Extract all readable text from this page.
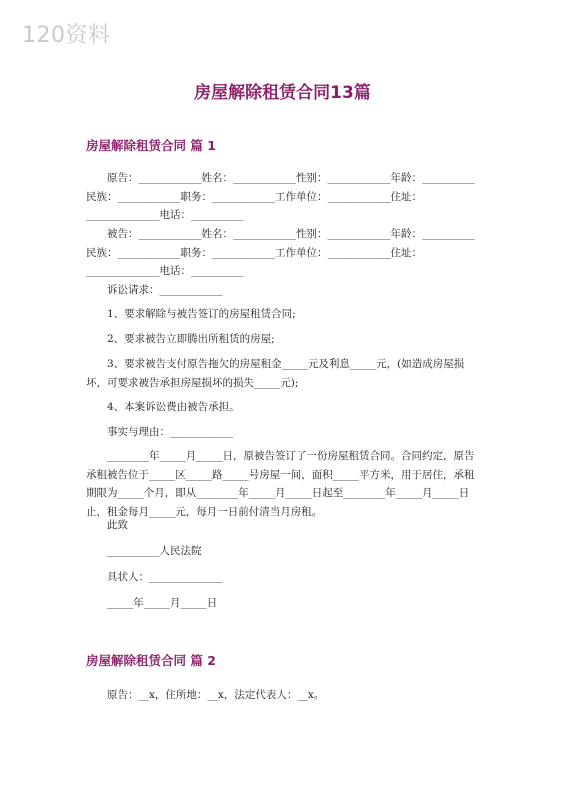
120资料
房屋解除租赁合同13篇
房屋解除租赁合同 篇 1
　　原告：____________姓名：____________性别：____________年龄：__________民族：____________职务：____________工作单位：____________住址：______________电话：__________
　　被告：____________姓名：____________性别：____________年龄：__________民族：____________职务：____________工作单位：____________住址：______________电话：__________
　　诉讼请求：____________
　　1、要求解除与被告签订的房屋租赁合同;
　　2、要求被告立即腾出所租赁的房屋;
　　3、要求被告支付原告拖欠的房屋租金_____元及利息_____元，(如造成房屋损坏，可要求被告承担房屋损坏的损失_____元);
　　4、本案诉讼费由被告承担。
　　事实与理由：____________
　　________年_____月_____日，原被告签订了一份房屋租赁合同。合同约定，原告承租被告位于_____区_____路_____号房屋一间，面积_____平方米，用于居住，承租期限为_____个月，即从________年_____月_____日起至________年_____月_____日止，租金每月_____元，每月一日前付清当月房租。
　　此致
　　__________人民法院
　　具状人：______________
　　_____年_____月_____日
房屋解除租赁合同 篇 2
　　原告：__x，住所地：__x，法定代表人：__x。
